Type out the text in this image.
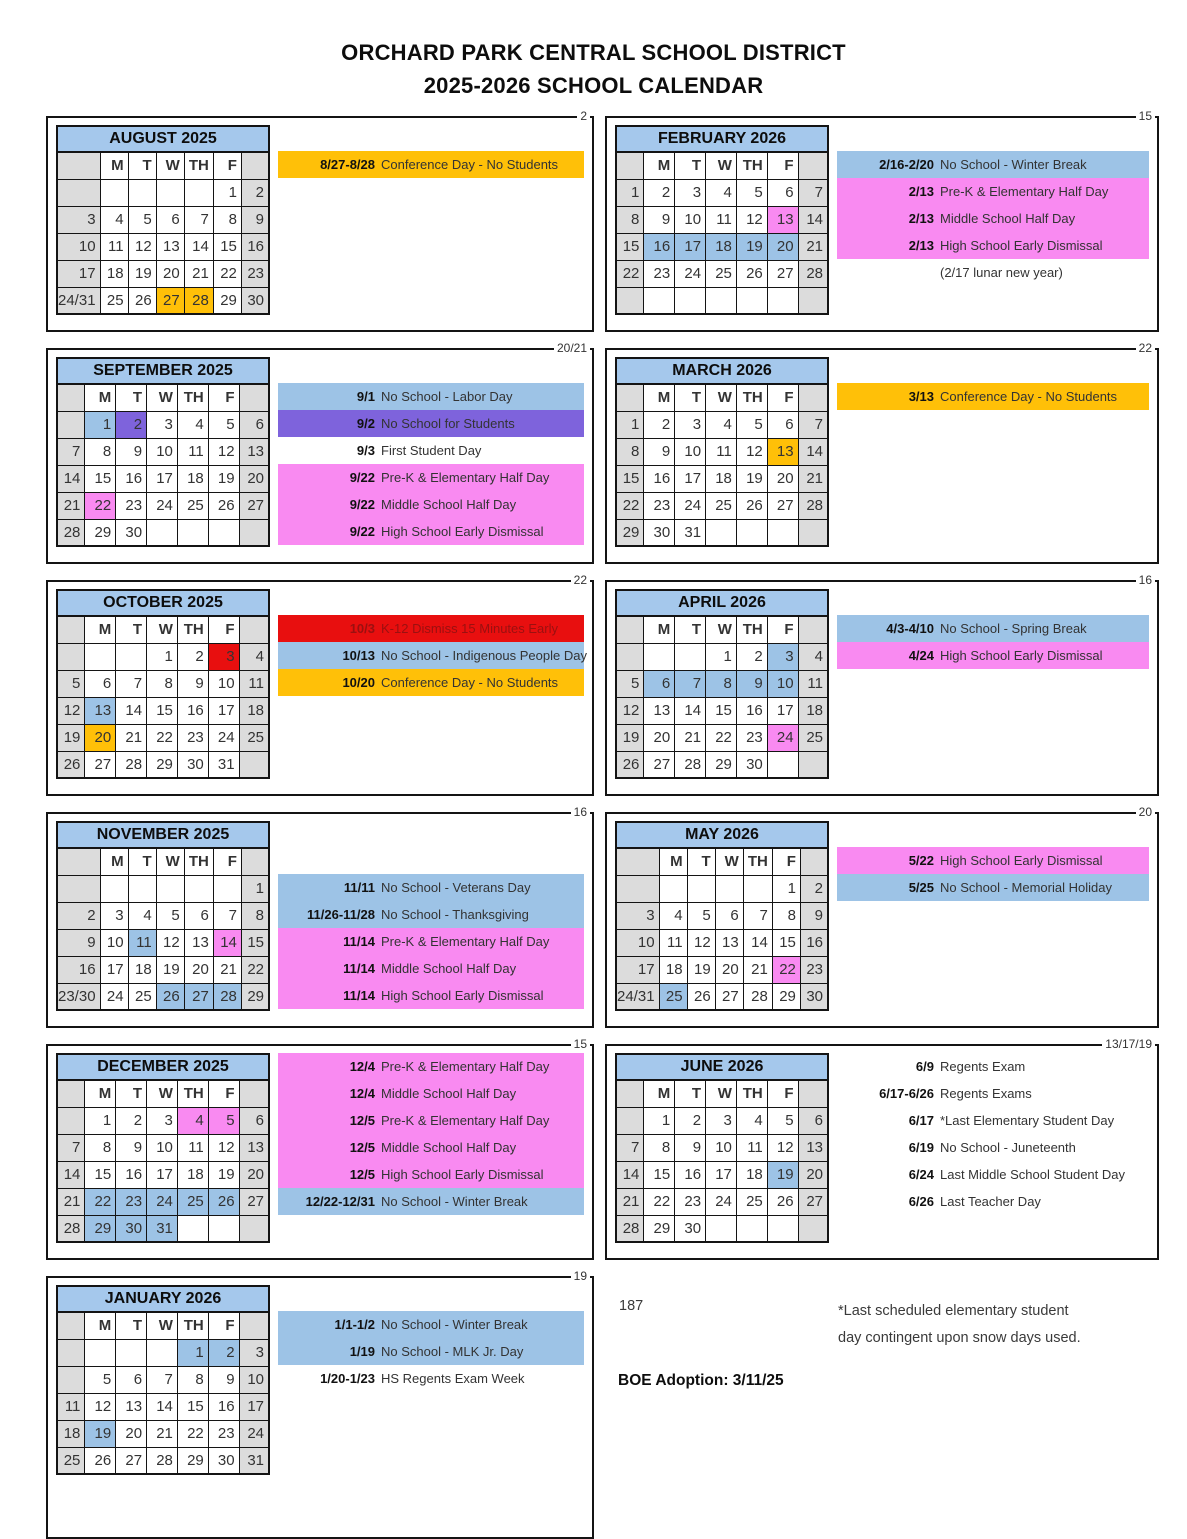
ORCHARD PARK CENTRAL SCHOOL DISTRICT
2025-2026 SCHOOL CALENDAR
2
AUGUST 2025
	M	T	W	TH	F	
					1	2
3	4	5	6	7	8	9
10	11	12	13	14	15	16
17	18	19	20	21	22	23
24/31	25	26	27	28	29	30
8/27-8/28 Conference Day - No Students
15
FEBRUARY 2026
	M	T	W	TH	F	
1	2	3	4	5	6	7
8	9	10	11	12	13	14
15	16	17	18	19	20	21
22	23	24	25	26	27	28

2/16-2/20 No School - Winter Break
2/13 Pre-K & Elementary Half Day
2/13 Middle School Half Day
2/13 High School Early Dismissal
(2/17 lunar new year)
20/21
SEPTEMBER 2025
	M	T	W	TH	F	
	1	2	3	4	5	6
7	8	9	10	11	12	13
14	15	16	17	18	19	20
21	22	23	24	25	26	27
28	29	30				
9/1 No School - Labor Day
9/2 No School for Students
9/3 First Student Day
9/22 Pre-K & Elementary Half Day
9/22 Middle School Half Day
9/22 High School Early Dismissal
22
MARCH 2026
	M	T	W	TH	F	
1	2	3	4	5	6	7
8	9	10	11	12	13	14
15	16	17	18	19	20	21
22	23	24	25	26	27	28
29	30	31				
3/13 Conference Day - No Students
22
OCTOBER 2025
	M	T	W	TH	F	
			1	2	3	4
5	6	7	8	9	10	11
12	13	14	15	16	17	18
19	20	21	22	23	24	25
26	27	28	29	30	31	
10/3 K-12 Dismiss 15 Minutes Early
10/13 No School - Indigenous People Day
10/20 Conference Day - No Students
16
APRIL 2026
	M	T	W	TH	F	
			1	2	3	4
5	6	7	8	9	10	11
12	13	14	15	16	17	18
19	20	21	22	23	24	25
26	27	28	29	30		
4/3-4/10 No School - Spring Break
4/24 High School Early Dismissal
16
NOVEMBER 2025
	M	T	W	TH	F	
						1
2	3	4	5	6	7	8
9	10	11	12	13	14	15
16	17	18	19	20	21	22
23/30	24	25	26	27	28	29
11/11 No School - Veterans Day
11/26-11/28 No School - Thanksgiving
11/14 Pre-K & Elementary Half Day
11/14 Middle School Half Day
11/14 High School Early Dismissal
20
MAY 2026
	M	T	W	TH	F	
					1	2
3	4	5	6	7	8	9
10	11	12	13	14	15	16
17	18	19	20	21	22	23
24/31	25	26	27	28	29	30
5/22 High School Early Dismissal
5/25 No School - Memorial Holiday
15
DECEMBER 2025
	M	T	W	TH	F	
	1	2	3	4	5	6
7	8	9	10	11	12	13
14	15	16	17	18	19	20
21	22	23	24	25	26	27
28	29	30	31			
12/4 Pre-K & Elementary Half Day
12/4 Middle School Half Day
12/5 Pre-K & Elementary Half Day
12/5 Middle School Half Day
12/5 High School Early Dismissal
12/22-12/31 No School - Winter Break
13/17/19
JUNE 2026
	M	T	W	TH	F	
	1	2	3	4	5	6
7	8	9	10	11	12	13
14	15	16	17	18	19	20
21	22	23	24	25	26	27
28	29	30				
6/9 Regents Exam
6/17-6/26 Regents Exams
6/17 *Last Elementary Student Day
6/19 No School - Juneteenth
6/24 Last Middle School Student Day
6/26 Last Teacher Day
19
JANUARY 2026
	M	T	W	TH	F	
				1	2	3
	5	6	7	8	9	10
11	12	13	14	15	16	17
18	19	20	21	22	23	24
25	26	27	28	29	30	31
1/1-1/2 No School - Winter Break
1/19 No School - MLK Jr. Day
1/20-1/23 HS Regents Exam Week
187	*Last scheduled elementary student
day contingent upon snow days used.
BOE Adoption: 3/11/25
